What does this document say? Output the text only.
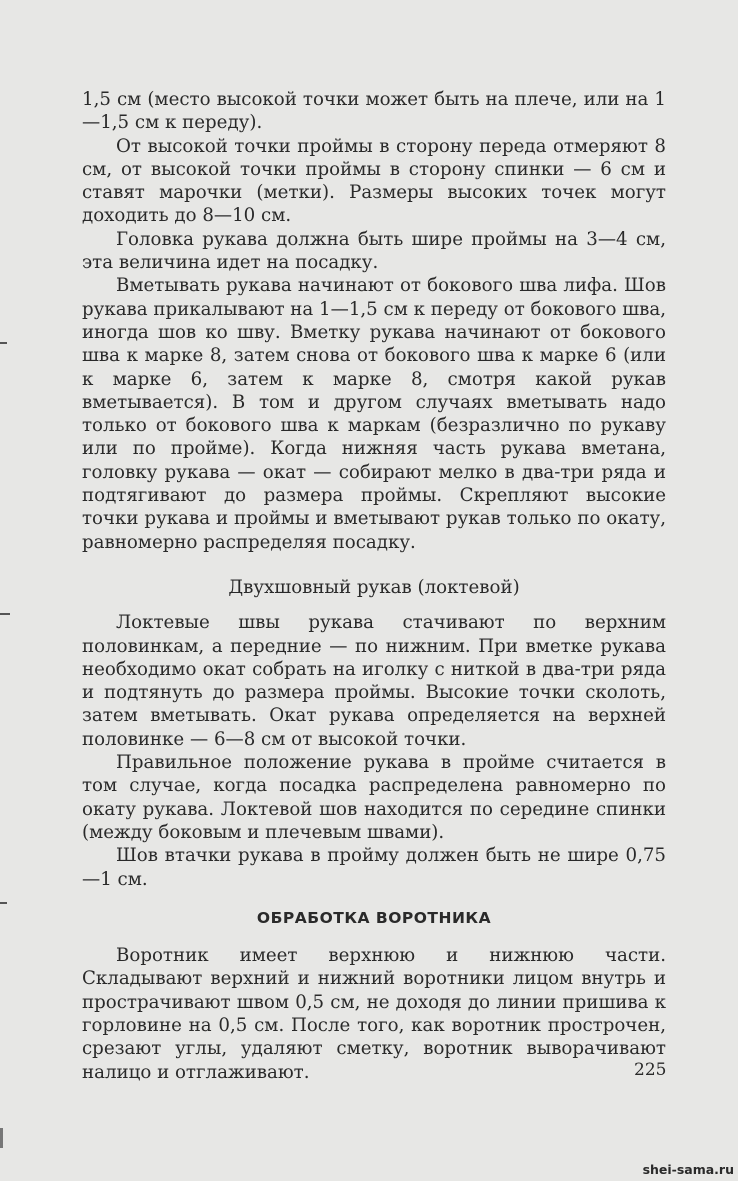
1,5 см (место высокой точки может быть на плече, или на 1—1,5 см к переду).

От высокой точки проймы в сторону переда отмеряют 8 см, от высокой точки проймы в сторону спинки — 6 см и ставят марочки (метки). Размеры высоких точек могут доходить до 8—10 см.

Головка рукава должна быть шире проймы на 3—4 см, эта величина идет на посадку.

Вметывать рукава начинают от бокового шва лифа. Шов рукава прикалывают на 1—1,5 см к переду от бокового шва, иногда шов ко шву. Вметку рукава начинают от бокового шва к марке 8, затем снова от бокового шва к марке 6 (или к марке 6, затем к марке 8, смотря какой рукав вметывается). В том и другом случаях вметывать надо только от бокового шва к маркам (безразлично по рукаву или по пройме). Когда нижняя часть рукава вметана, головку рукава — окат — собирают мелко в два-три ряда и подтягивают до размера проймы. Скрепляют высокие точки рукава и проймы и вметывают рукав только по окату, равномерно распределяя посадку.

Двухшовный рукав (локтевой)

Локтевые швы рукава стачивают по верхним половинкам, а передние — по нижним. При вметке рукава необходимо окат собрать на иголку с ниткой в два-три ряда и подтянуть до размера проймы. Высокие точки сколоть, затем вметывать. Окат рукава определяется на верхней половинке — 6—8 см от высокой точки.

Правильное положение рукава в пройме считается в том случае, когда посадка распределена равномерно по окату рукава. Локтевой шов находится по середине спинки (между боковым и плечевым швами).

Шов втачки рукава в пройму должен быть не шире 0,75—1 см.

ОБРАБОТКА ВОРОТНИКА

Воротник имеет верхнюю и нижнюю части. Складывают верхний и нижний воротники лицом внутрь и прострачивают швом 0,5 см, не доходя до линии пришива к горловине на 0,5 см. После того, как воротник прострочен, срезают углы, удаляют сметку, воротник выворачивают налицо и отглаживают.	225
shei-sama.ru
